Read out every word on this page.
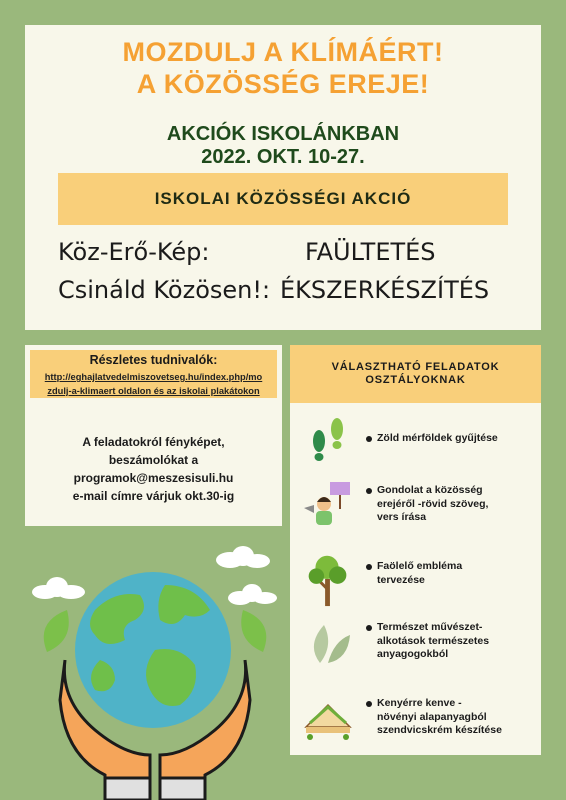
MOZDULJ A KLÍMÁÉRT!
A KÖZÖSSÉG EREJE!
AKCIÓK ISKOLÁNKBAN
2022. OKT. 10-27.
ISKOLAI KÖZÖSSÉGI AKCIÓ
Köz-Erő-Kép:	FAÜLTETÉS
Csináld Közösen!: ÉKSZERKÉSZÍTÉS
Részletes tudnivalók:
http://eghajlatvedelmiszovetseg.hu/index.php/mo
zdulj-a-klimaert oldalon és az iskolai plakátokon
A feladatokról fényképet,
beszámolókat a
programok@meszesisuli.hu
e-mail címre várjuk okt.30-ig
VÁLASZTHATÓ FELADATOK
OSZTÁLYOKNAK
Zöld mérföldek gyűjtése
Gondolat a közösség
erejéről -rövid szöveg,
vers írása
Faölelő embléma
tervezése
Természet művészet-
alkotások természetes
anyagogokból
Kenyérre kenve -
növényi alapanyagból
szendvicskrém készítése
